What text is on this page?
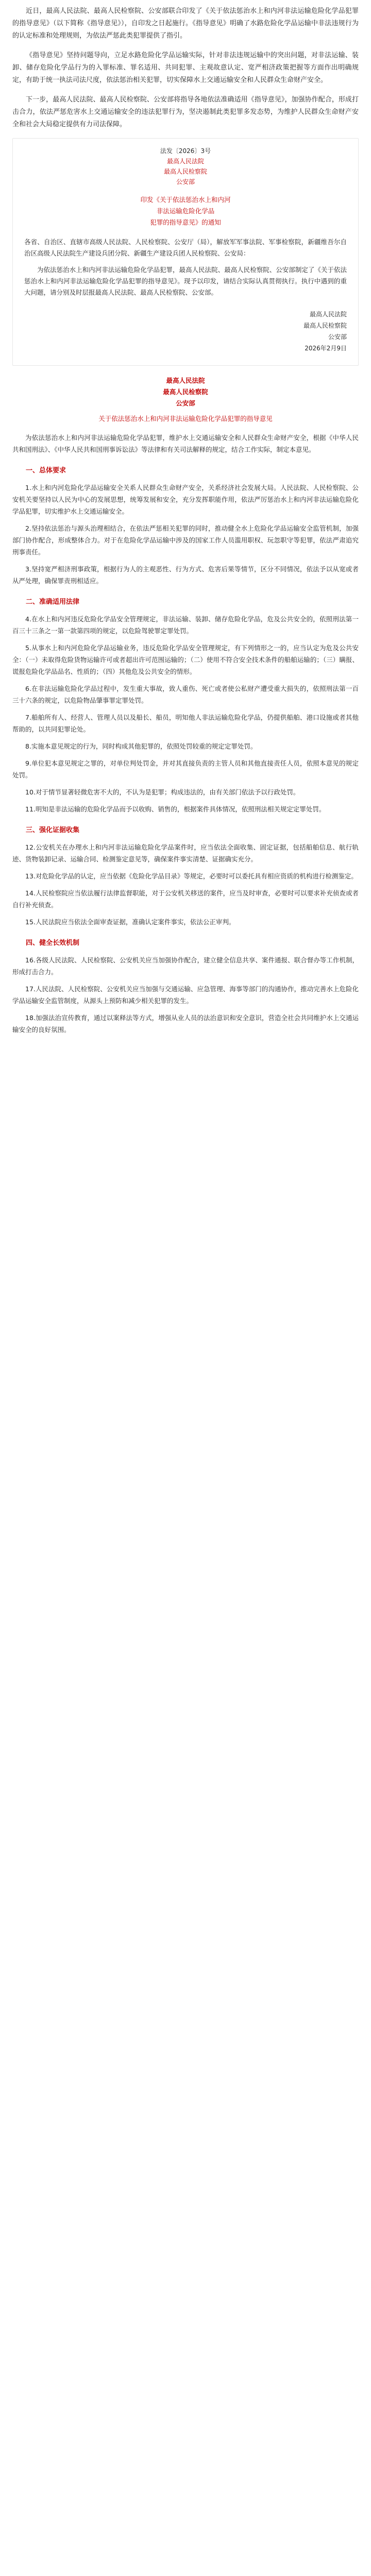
近日，最高人民法院、最高人民检察院、公安部联合印发了《关于依法惩治水上和内河非法运输危险化学品犯罪的指导意见》（以下简称《指导意见》），自印发之日起施行。《指导意见》明确了水路危险化学品运输中非法违规行为的认定标准和处理规则，为依法严惩此类犯罪提供了指引。

《指导意见》坚持问题导向，立足水路危险化学品运输实际，针对非法违规运输中的突出问题，对非法运输、装卸、储存危险化学品行为的入罪标准、罪名适用、共同犯罪、主观故意认定、宽严相济政策把握等方面作出明确规定，有助于统一执法司法尺度，依法惩治相关犯罪，切实保障水上交通运输安全和人民群众生命财产安全。

下一步，最高人民法院、最高人民检察院、公安部将指导各地依法准确适用《指导意见》，加强协作配合，形成打击合力，依法严惩危害水上交通运输安全的违法犯罪行为，坚决遏制此类犯罪多发态势，为维护人民群众生命财产安全和社会大局稳定提供有力司法保障。

法发〔2026〕3号
最高人民法院
最高人民检察院
公安部
印发《关于依法惩治水上和内河
非法运输危险化学品
犯罪的指导意见》的通知

各省、自治区、直辖市高级人民法院、人民检察院、公安厅（局），解放军军事法院、军事检察院，新疆维吾尔自治区高级人民法院生产建设兵团分院、新疆生产建设兵团人民检察院、公安局：

为依法惩治水上和内河非法运输危险化学品犯罪，最高人民法院、最高人民检察院、公安部制定了《关于依法惩治水上和内河非法运输危险化学品犯罪的指导意见》。现予以印发，请结合实际认真贯彻执行。执行中遇到的重大问题，请分别及时层报最高人民法院、最高人民检察院、公安部。

最高人民法院
最高人民检察院
公安部
2026年2月9日
最高人民法院
最高人民检察院
公安部
关于依法惩治水上和内河非法运输危险化学品犯罪的指导意见

为依法惩治水上和内河非法运输危险化学品犯罪，维护水上交通运输安全和人民群众生命财产安全，根据《中华人民共和国刑法》、《中华人民共和国刑事诉讼法》等法律和有关司法解释的规定，结合工作实际，制定本意见。

一、总体要求

1.水上和内河危险化学品运输安全关系人民群众生命财产安全，关系经济社会发展大局。人民法院、人民检察院、公安机关要坚持以人民为中心的发展思想，统筹发展和安全，充分发挥职能作用，依法严厉惩治水上和内河非法运输危险化学品犯罪，切实维护水上交通运输安全。

2.坚持依法惩治与源头治理相结合，在依法严惩相关犯罪的同时，推动健全水上危险化学品运输安全监管机制，加强部门协作配合，形成整体合力。对于在危险化学品运输中涉及的国家工作人员滥用职权、玩忽职守等犯罪，依法严肃追究刑事责任。

3.坚持宽严相济刑事政策，根据行为人的主观恶性、行为方式、危害后果等情节，区分不同情况，依法予以从宽或者从严处理，确保罪责刑相适应。

二、准确适用法律

4.在水上和内河违反危险化学品安全管理规定，非法运输、装卸、储存危险化学品，危及公共安全的，依照刑法第一百三十三条之一第一款第四项的规定，以危险驾驶罪定罪处罚。

5.从事水上和内河危险化学品运输业务，违反危险化学品安全管理规定，有下列情形之一的，应当认定为危及公共安全：（一）未取得危险货物运输许可或者超出许可范围运输的；（二）使用不符合安全技术条件的船舶运输的；（三）瞒报、谎报危险化学品品名、性质的；（四）其他危及公共安全的情形。

6.在非法运输危险化学品过程中，发生重大事故，致人重伤、死亡或者使公私财产遭受重大损失的，依照刑法第一百三十六条的规定，以危险物品肇事罪定罪处罚。

7.船舶所有人、经营人、管理人员以及船长、船员，明知他人非法运输危险化学品，仍提供船舶、港口设施或者其他帮助的，以共同犯罪论处。

8.实施本意见规定的行为，同时构成其他犯罪的，依照处罚较重的规定定罪处罚。

9.单位犯本意见规定之罪的，对单位判处罚金，并对其直接负责的主管人员和其他直接责任人员，依照本意见的规定处罚。

10.对于情节显著轻微危害不大的，不认为是犯罪；构成违法的，由有关部门依法予以行政处罚。

11.明知是非法运输的危险化学品而予以收购、销售的，根据案件具体情况，依照刑法相关规定定罪处罚。

三、强化证据收集

12.公安机关在办理水上和内河非法运输危险化学品案件时，应当依法全面收集、固定证据，包括船舶信息、航行轨迹、货物装卸记录、运输合同、检测鉴定意见等，确保案件事实清楚、证据确实充分。

13.对危险化学品的认定，应当依据《危险化学品目录》等规定，必要时可以委托具有相应资质的机构进行检测鉴定。

14.人民检察院应当依法履行法律监督职能，对于公安机关移送的案件，应当及时审查，必要时可以要求补充侦查或者自行补充侦查。

15.人民法院应当依法全面审查证据，准确认定案件事实，依法公正审判。

四、健全长效机制

16.各级人民法院、人民检察院、公安机关应当加强协作配合，建立健全信息共享、案件通报、联合督办等工作机制，形成打击合力。

17.人民法院、人民检察院、公安机关应当加强与交通运输、应急管理、海事等部门的沟通协作，推动完善水上危险化学品运输安全监管制度，从源头上预防和减少相关犯罪的发生。

18.加强法治宣传教育，通过以案释法等方式，增强从业人员的法治意识和安全意识，营造全社会共同维护水上交通运输安全的良好氛围。
